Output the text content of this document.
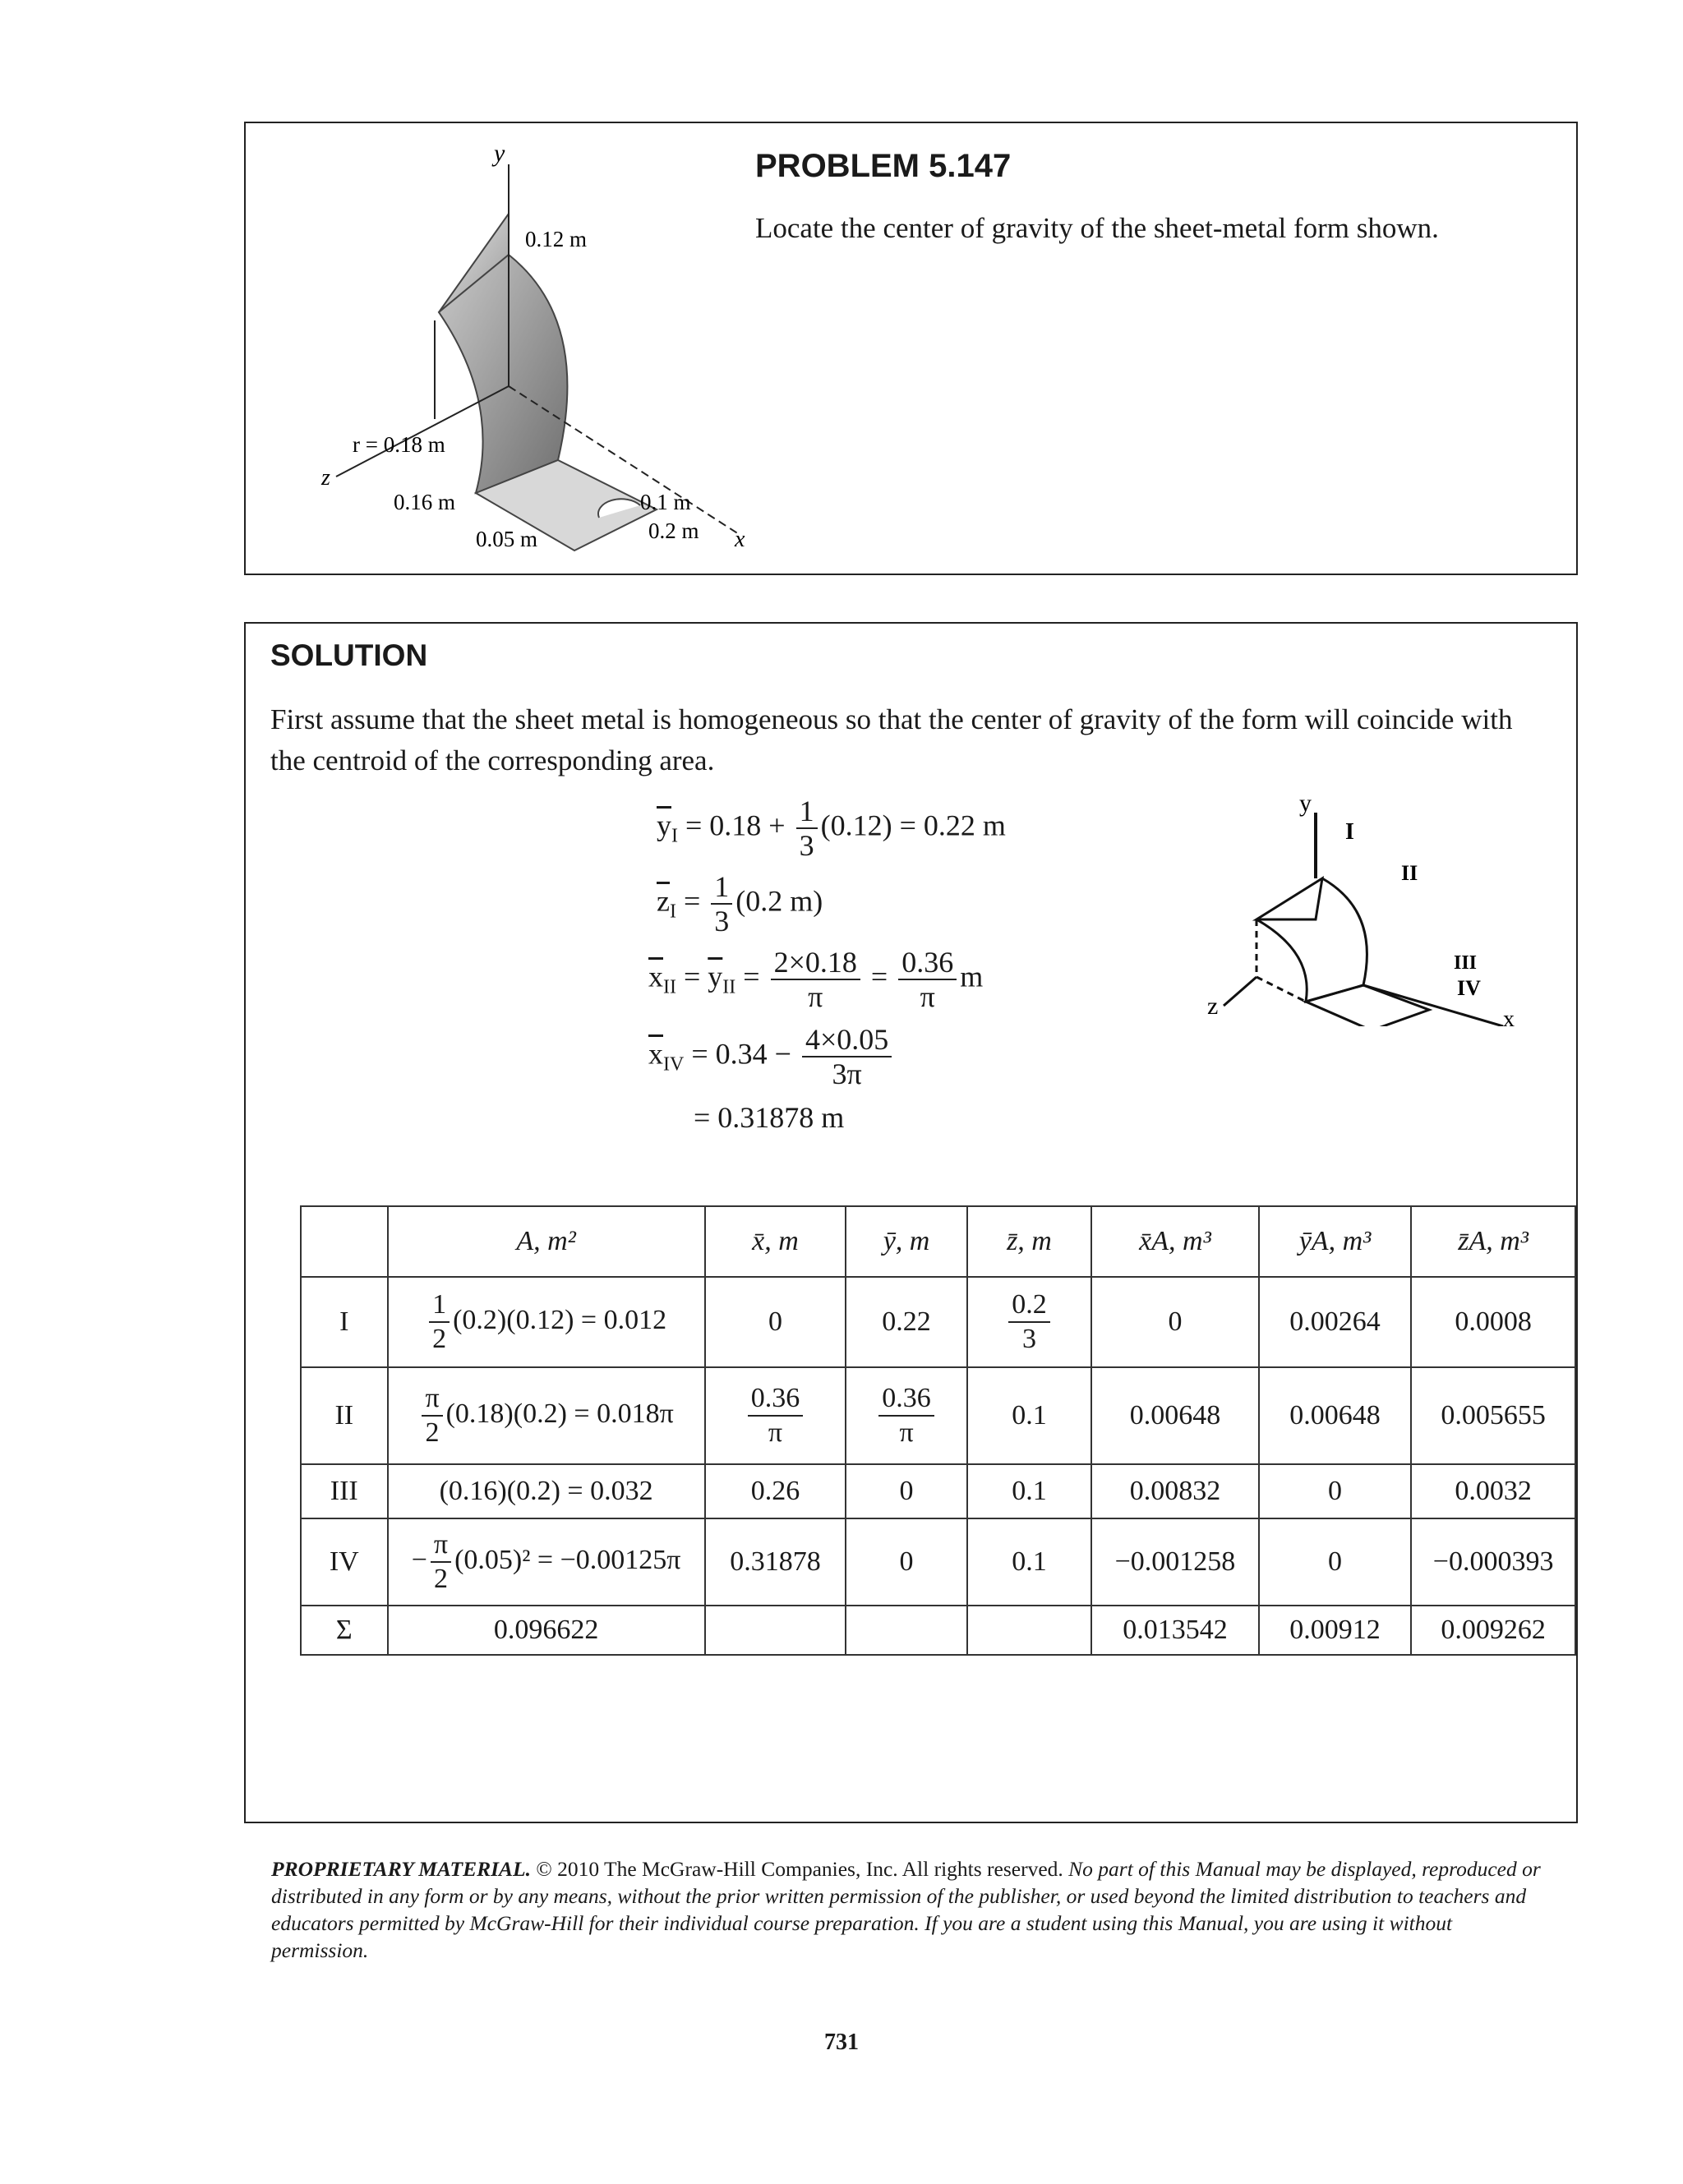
y
z
x
0.12 m
r = 0.18 m
0.16 m
0.05 m
0.1 m
0.2 m
PROBLEM 5.147
Locate the center of gravity of the sheet-metal form shown.
SOLUTION
First assume that the sheet metal is homogeneous so that the center of gravity of the form will coincide with the centroid of the corresponding area.
$\overline{y}_I = 0.18 + \frac{1}{3} (0.12) = 0.22$ m
$\overline{z}_I = \frac{1}{3} (0.2$ m)
$\overline{x}_{II} = \overline{y}_{II} = \frac{2\times 0.18}{\pi} = \frac{0.36}{\pi}$ m
$\overline{x}_{IV} = 0.34 - \frac{4\times 0.05}{3\pi}$
= 0.31878 m
y
z	x
I
II
III
IV
	A, m²	x̄, m	ȳ, m	z̄, m	x̄A, m³	ȳA, m³	z̄A, m³
I	$\frac{1}{2} (0.2)(0.12) = 0.012$	0	0.22	$\frac{0.2}{3}$	0	0.00264	0.0008
II	$\frac{\pi}{2} (0.18)(0.2) = 0.018\pi$	$\frac{0.36}{\pi}$	$\frac{0.36}{\pi}$	0.1	0.00648	0.00648	0.005655
III	(0.16)(0.2) = 0.032	0.26	0	0.1	0.00832	0	0.0032
IV	− $\frac{\pi}{2} (0.05)^2 = -0.00125\pi$	0.31878	0	0.1	−0.001258	0	−0.000393
Σ	0.096622				0.013542	0.00912	0.009262
PROPRIETARY MATERIAL. © 2010 The McGraw-Hill Companies, Inc. All rights reserved. No part of this Manual may be displayed, reproduced or distributed in any form or by any means, without the prior written permission of the publisher, or used beyond the limited distribution to teachers and educators permitted by McGraw-Hill for their individual course preparation. If you are a student using this Manual, you are using it without permission.
731
